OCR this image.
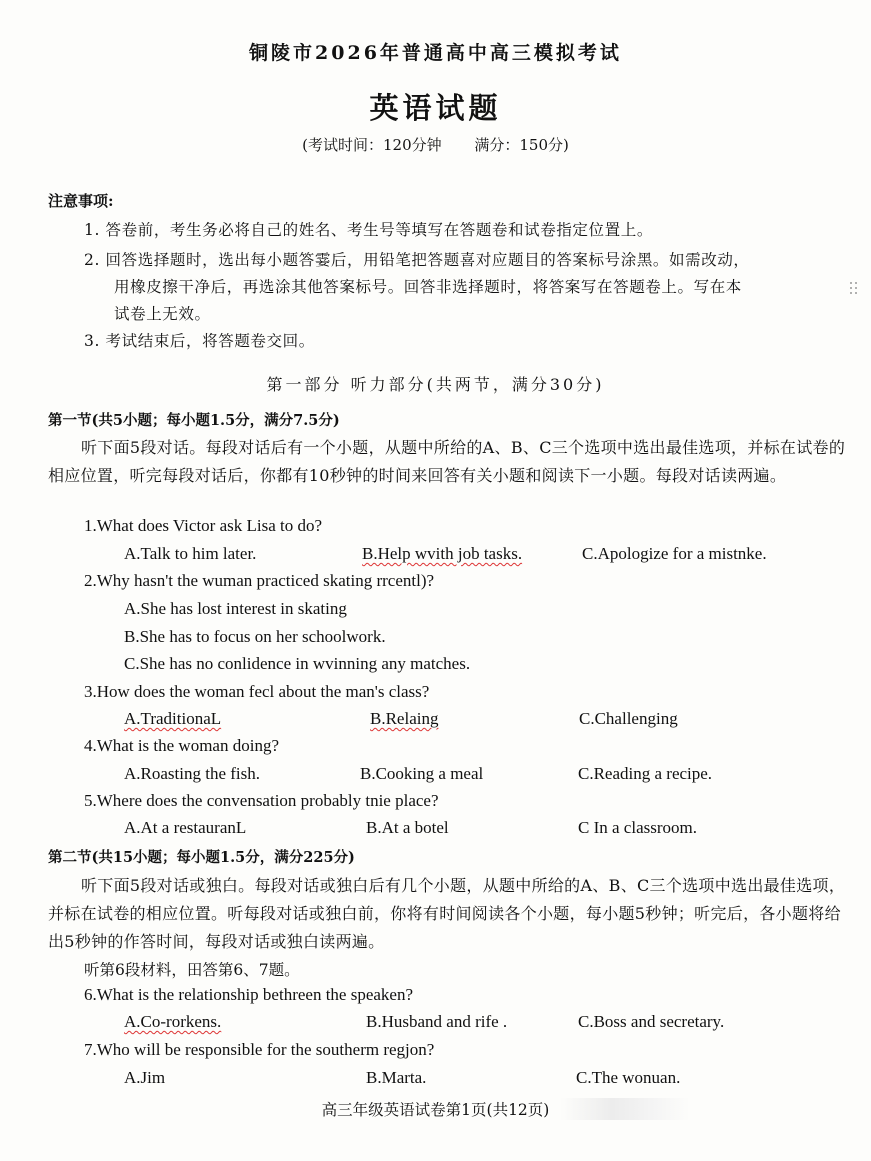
铜陵市2026年普通高中高三模拟考试
英语试题
(考试时间：120分钟 满分：150分)
注意事项:
1. 答卷前，考生务必将自己的姓名、考生号等填写在答题卷和试卷指定位置上。
2. 回答选择题时，选出每小题答霎后，用铅笔把答题喜对应题目的答案标号涂黑。如需改动，
用橡皮擦干净后，再选涂其他答案标号。回答非选择题时，将答案写在答题卷上。写在本
试卷上无效。
3. 考试结束后，将答题卷交回。
第一部分 听力部分(共两节，满分30分)
第一节(共5小题；每小题1.5分，满分7.5分)
听下面5段对话。每段对话后有一个小题，从题中所给的A、B、C三个选项中选出最佳选项，并标在试卷的相应位置，听完每段对话后，你都有10秒钟的时间来回答有关小题和阅读下一小题。每段对话读两遍。
1.What does Victor ask Lisa to do?
A.Talk to him later.	B.Help wvith job tasks.	C.Apologize for a mistnke.
2.Why hasn't the wuman practiced skating rrcentl)?
A.She has lost interest in skating
B.She has to focus on her schoolwork.
C.She has no conlidence in wvinning any matches.
3.How does the woman fecl about the man's class?
A.TraditionaL	B.Relaing	C.Challenging
4.What is the woman doing?
A.Roasting the fish.	B.Cooking a meal	C.Reading a recipe.
5.Where does the convensation probably tnie place?
A.At a restauranL	B.At a botel	C In a classroom.
第二节(共15小题；每小题1.5分，满分225分)
听下面5段对话或独白。每段对话或独白后有几个小题，从题中所给的A、B、C三个选项中选出最佳选项，并标在试卷的相应位置。听每段对话或独白前，你将有时间阅读各个小题，每小题5秒钟；听完后，各小题将给出5秒钟的作答时间，每段对话或独白读两遍。
听第6段材料，田答第6、7题。
6.What is the relationship bethreen the speaken?
A.Co-rorkens.	B.Husband and rife .	C.Boss and secretary.
7.Who will be responsible for the southerm regjon?
A.Jim	B.Marta.	C.The wonuan.
高三年级英语试卷第1页(共12页)
